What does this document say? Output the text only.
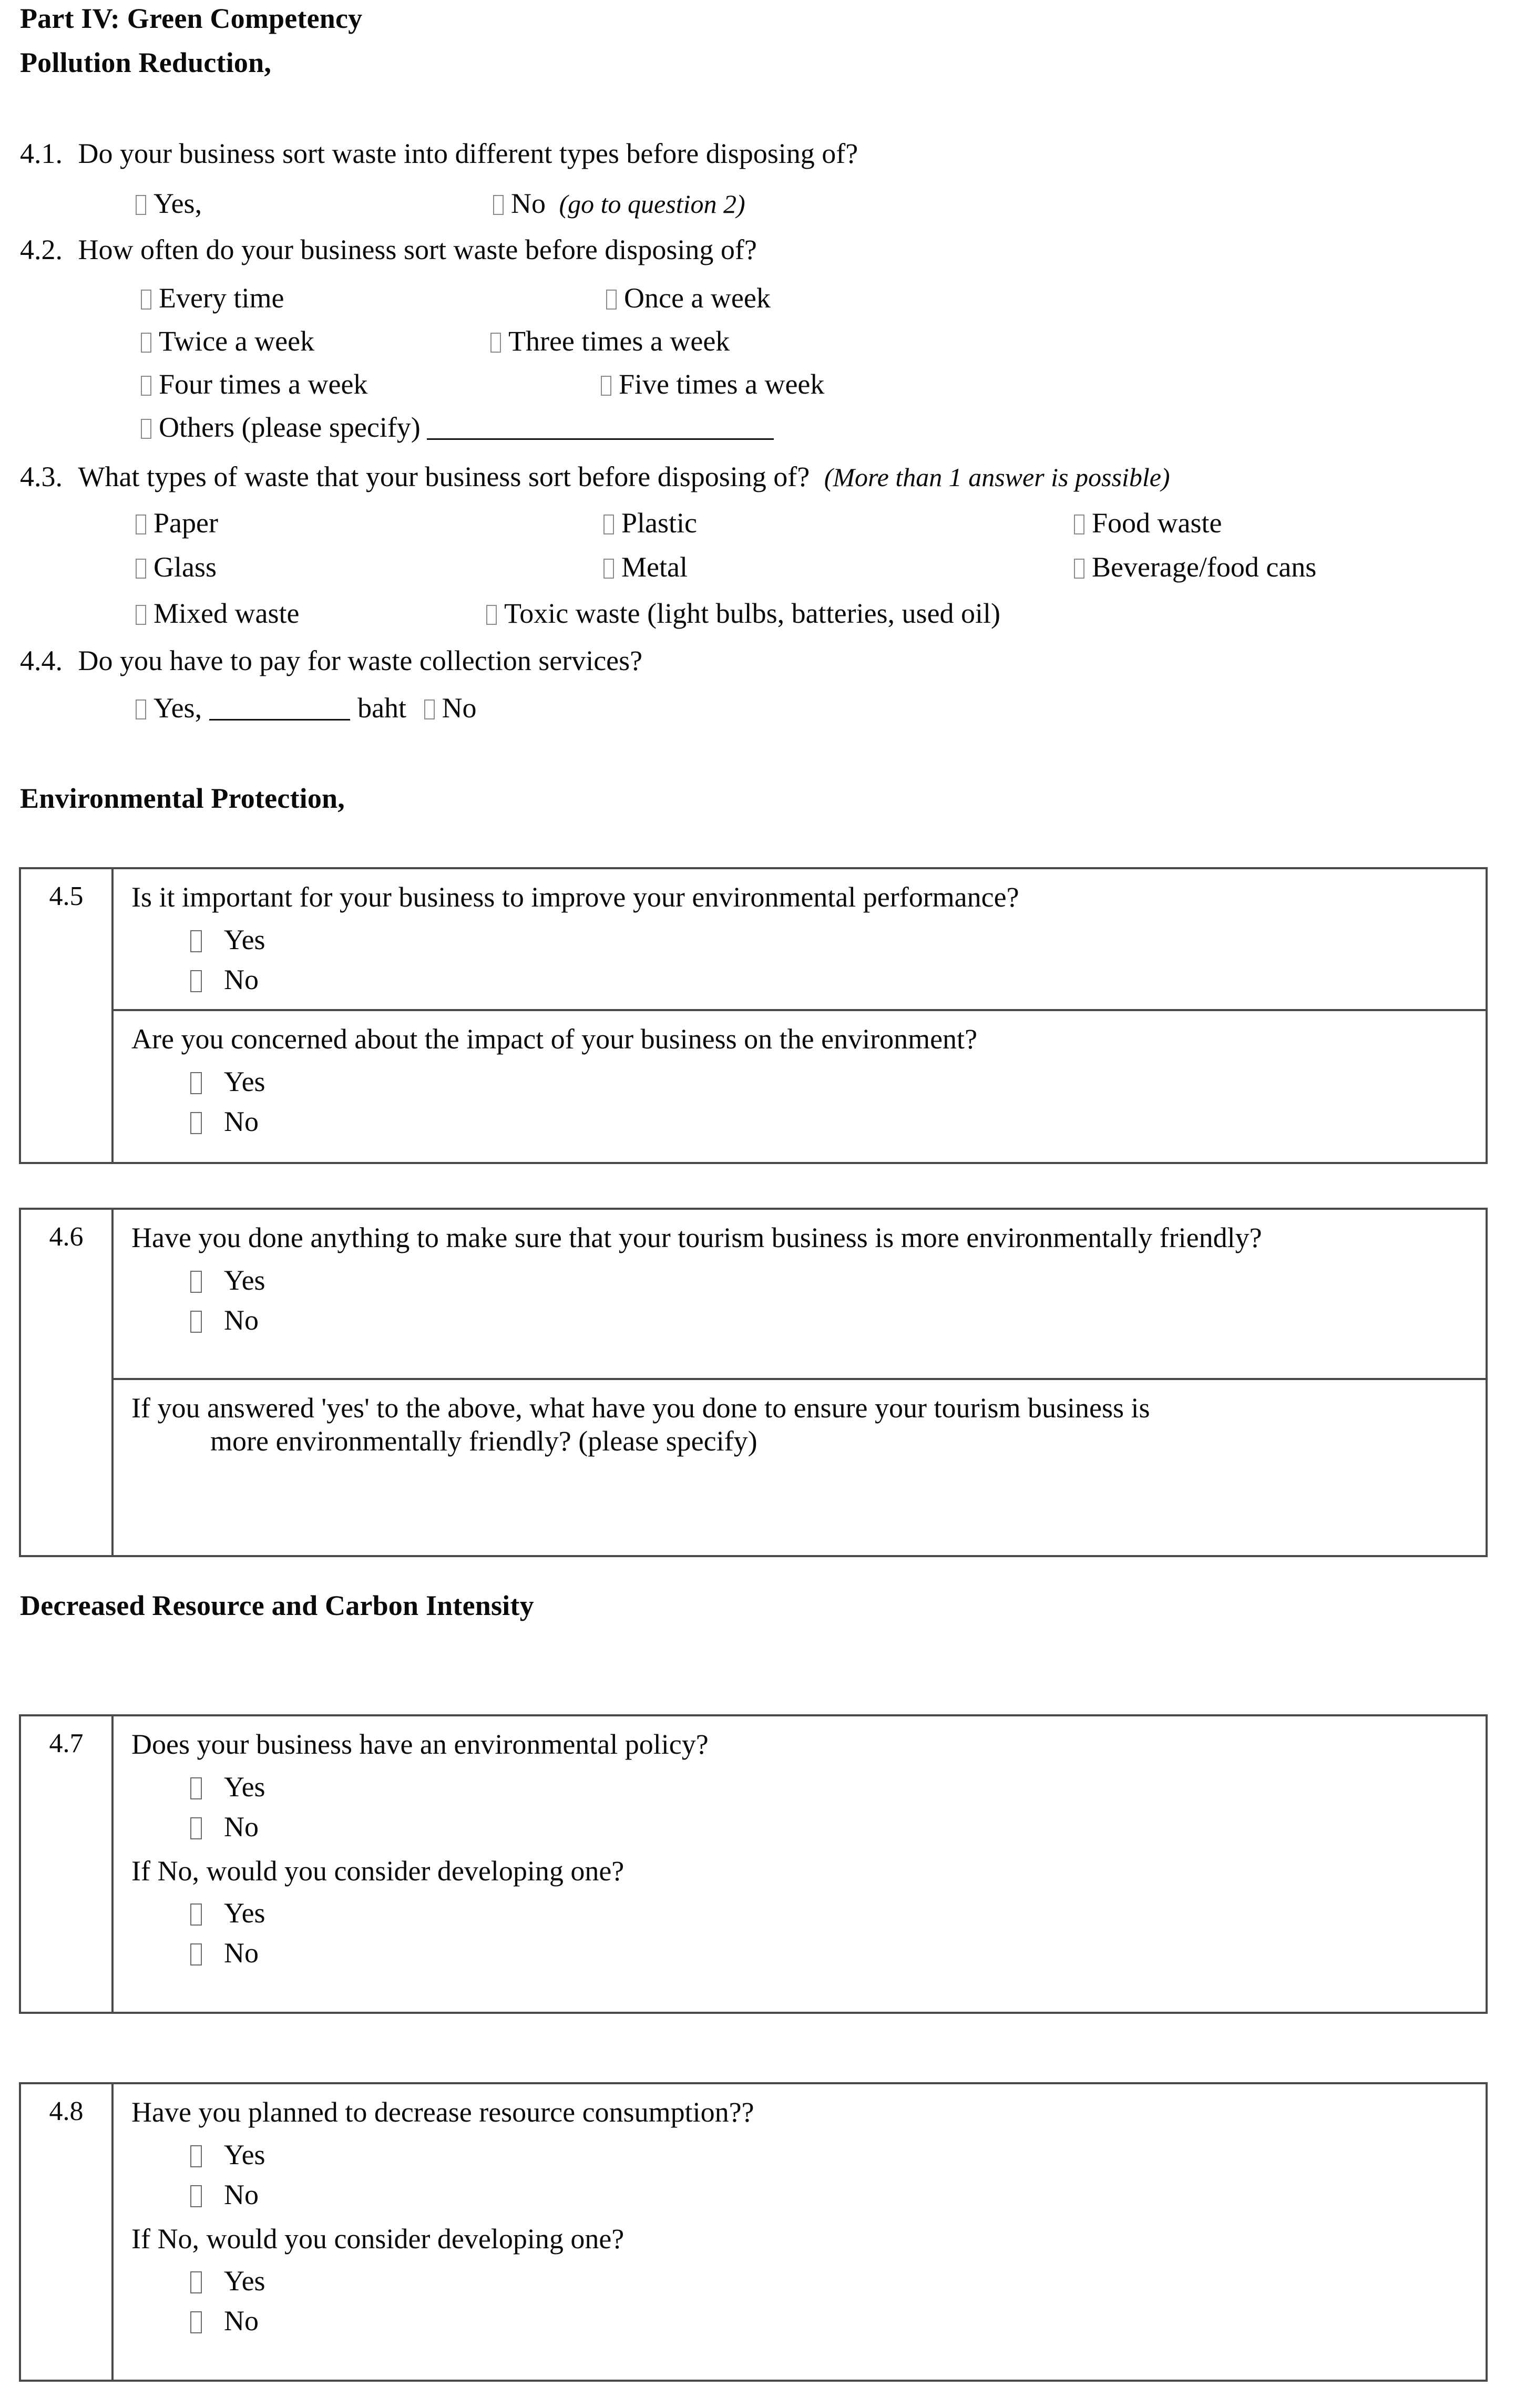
Part IV: Green Competency
Pollution Reduction,
4.1. Do your business sort waste into different types before disposing of?
Yes,	No (go to question 2)
4.2. How often do your business sort waste before disposing of?
Every time	Once a week
Twice a week	Three times a week
Four times a week	Five times a week
Others (please specify)
4.3. What types of waste that your business sort before disposing of? (More than 1 answer is possible)
Paper	Plastic	Food waste
Glass	Metal	Beverage/food cans
Mixed waste	Toxic waste (light bulbs, batteries, used oil)
4.4. Do you have to pay for waste collection services?
Yes,	baht No
Environmental Protection,
4.5	Is it important for your business to improve your environmental performance?
Yes
No
Are you concerned about the impact of your business on the environment?
Yes
No
4.6	Have you done anything to make sure that your tourism business is more environmentally friendly?
Yes
No
If you answered 'yes' to the above, what have you done to ensure your tourism business is
more environmentally friendly? (please specify)
Decreased Resource and Carbon Intensity
4.7	Does your business have an environmental policy?
Yes
No
If No, would you consider developing one?
Yes
No
4.8	Have you planned to decrease resource consumption??
Yes
No
If No, would you consider developing one?
Yes
No
